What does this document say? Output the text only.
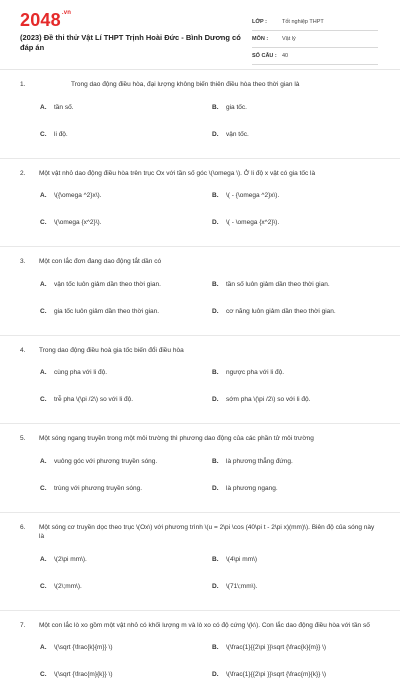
$2048^{.vn}$
(2023) Đề thi thử Vật Lí THPT Trịnh Hoài Đức - Bình Dương có đáp án
LỚP :	Tốt nghiệp THPT
MÔN :	Vật lý
SỐ CÂU : 40
1.	Trong dao động điều hòa, đại lượng không biến thiên điều hòa theo thời gian là
A.	tần số.	B.	gia tốc.
C.	li độ.	D.	vận tốc.
2.	Một vật nhỏ dao động điều hòa trên trục Ox với tần số góc \(\omega \). Ở li độ x vật có gia tốc là
A.	\({\omega ^2}x\).	B.	\( - {\omega ^2}x\).
C.	\(\omega {x^2}\).	D.	\( - \omega {x^2}\).
3.	Một con lắc đơn đang dao động tắt dần có
A.	vận tốc luôn giảm dần theo thời gian.	B.	tần số luôn giảm dần theo thời gian.
C.	gia tốc luôn giảm dần theo thời gian.	D.	cơ năng luôn giảm dần theo thời gian.
4.	Trong dao động điều hoà gia tốc biến đổi điều hòa
A.	cùng pha với li độ.	B.	ngược pha với li độ.
C.	trễ pha \(\pi /2\) so với li độ.	D.	sớm pha \(\pi /2\) so với li độ.
5.	Một sóng ngang truyền trong một môi trường thì phương dao động của các phần tử môi trường
A.	vuông góc với phương truyền sóng.	B.	là phương thẳng đứng.
C.	trùng với phương truyền sóng.	D.	là phương ngang.
6.	Một sóng cơ truyền dọc theo trục \(Ox\) với phương trình \(u = 2\pi \cos (40\pi t - 2\pi x)(mm)\). Biên độ của sóng này là
A.	\(2\pi mm\).	B.	\(4\pi mm\)
C.	\(2\;mm\).	D.	\(71\;mm\).
7.	Một con lắc lò xo gồm một vật nhỏ có khối lượng m và lò xo có độ cứng \(k\). Con lắc dao động điều hòa với tần số
A.	\(\sqrt {\frac{k}{m}} \)	B.	\(\frac{1}{{2\pi }}\sqrt {\frac{k}{m}} \)
C.	\(\sqrt {\frac{m}{k}} \)	D.	\(\frac{1}{{2\pi }}\sqrt {\frac{m}{k}} \)
